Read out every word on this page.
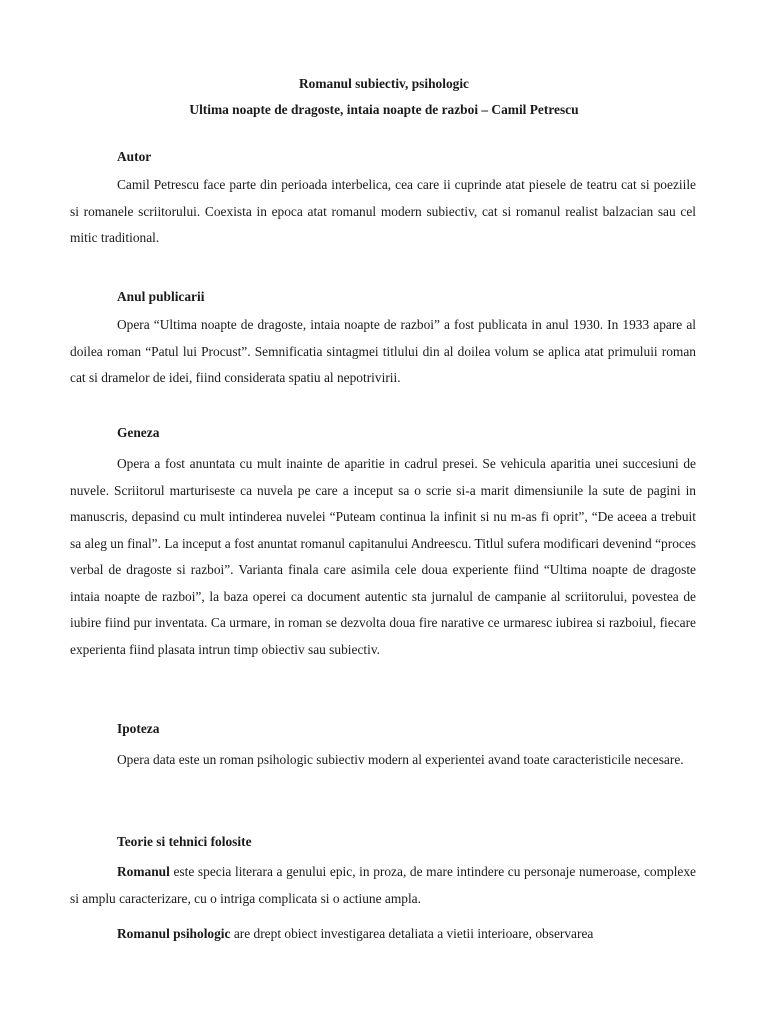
Romanul subiectiv, psihologic
Ultima noapte de dragoste, intaia noapte de razboi – Camil Petrescu
Autor

Camil Petrescu face parte din perioada interbelica, cea care ii cuprinde atat piesele de teatru cat si poeziile si romanele scriitorului. Coexista in epoca atat romanul modern subiectiv, cat si romanul realist balzacian sau cel mitic traditional.

Anul publicarii

Opera “Ultima noapte de dragoste, intaia noapte de razboi” a fost publicata in anul 1930. In 1933 apare al doilea roman “Patul lui Procust”. Semnificatia sintagmei titlului din al doilea volum se aplica atat primuluii roman cat si dramelor de idei, fiind considerata spatiu al nepotrivirii.

Geneza

Opera a fost anuntata cu mult inainte de aparitie in cadrul presei. Se vehicula aparitia unei succesiuni de nuvele. Scriitorul marturiseste ca nuvela pe care a inceput sa o scrie si-a marit dimensiunile la sute de pagini in manuscris, depasind cu mult intinderea nuvelei “Puteam continua la infinit si nu m-as fi oprit”, “De aceea a trebuit sa aleg un final”. La inceput a fost anuntat romanul capitanului Andreescu. Titlul sufera modificari devenind “proces verbal de dragoste si razboi”. Varianta finala care asimila cele doua experiente fiind “Ultima noapte de dragoste intaia noapte de razboi”, la baza operei ca document autentic sta jurnalul de campanie al scriitorului, povestea de iubire fiind pur inventata. Ca urmare, in roman se dezvolta doua fire narative ce urmaresc iubirea si razboiul, fiecare experienta fiind plasata intrun timp obiectiv sau subiectiv.

Ipoteza

Opera data este un roman psihologic subiectiv modern al experientei avand toate caracteristicile necesare.

Teorie si tehnici folosite

Romanul este specia literara a genului epic, in proza, de mare intindere cu personaje numeroase, complexe si amplu caracterizare, cu o intriga complicata si o actiune ampla.

Romanul psihologic are drept obiect investigarea detaliata a vietii interioare, observarea
